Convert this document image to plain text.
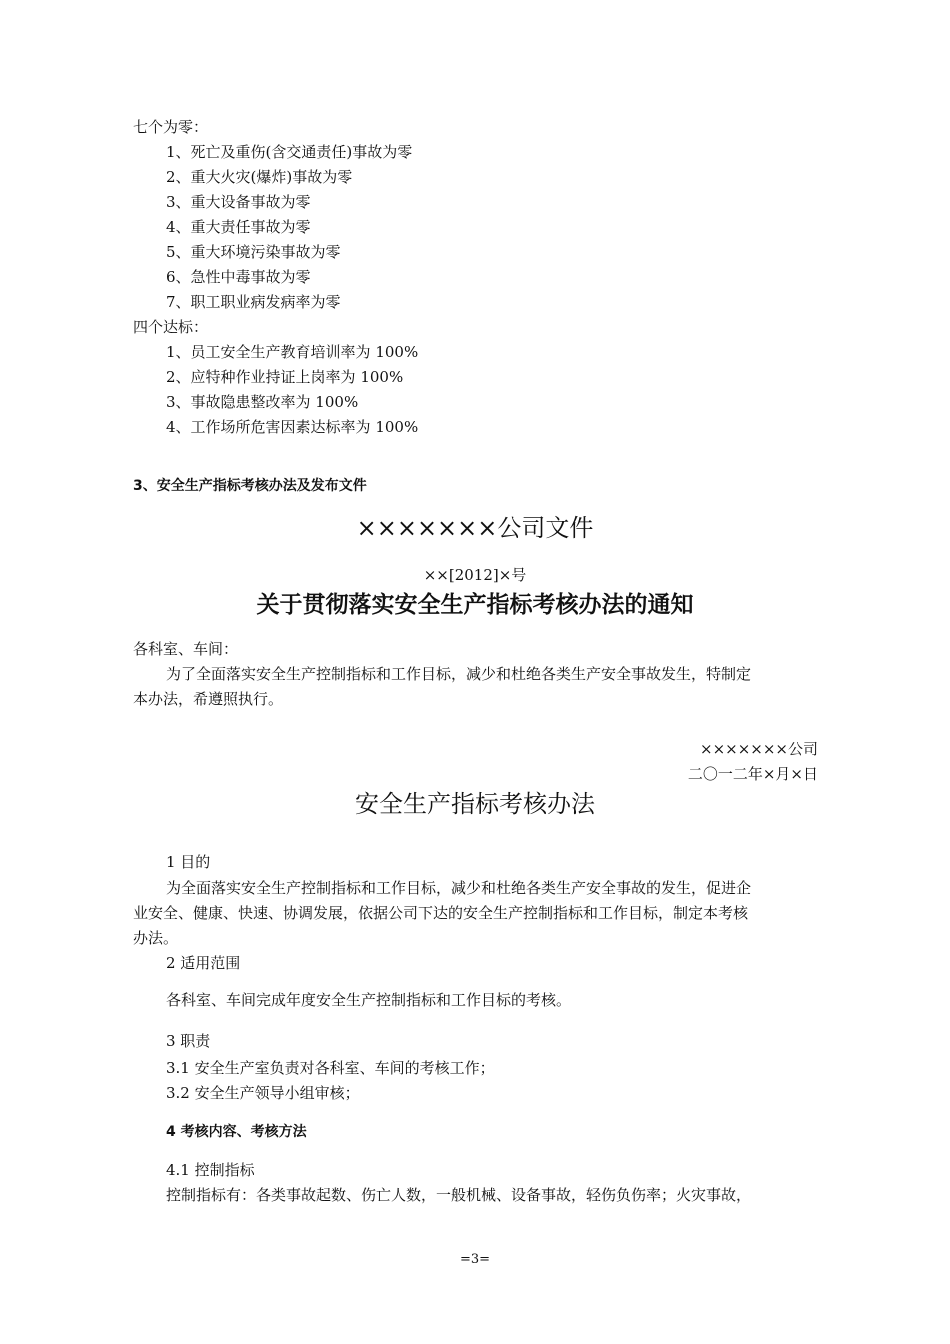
七个为零：
1、死亡及重伤(含交通责任)事故为零
2、重大火灾(爆炸)事故为零
3、重大设备事故为零
4、重大责任事故为零
5、重大环境污染事故为零
6、急性中毒事故为零
7、职工职业病发病率为零
四个达标：
1、员工安全生产教育培训率为 100%
2、应特种作业持证上岗率为 100%
3、事故隐患整改率为 100%
4、工作场所危害因素达标率为 100%
3、安全生产指标考核办法及发布文件
×××××××公司文件
××[2012]×号
关于贯彻落实安全生产指标考核办法的通知
各科室、车间：
为了全面落实安全生产控制指标和工作目标，减少和杜绝各类生产安全事故发生，特制定
本办法，希遵照执行。
×××××××公司
二〇一二年×月×日
安全生产指标考核办法
1 目的
为全面落实安全生产控制指标和工作目标，减少和杜绝各类生产安全事故的发生，促进企
业安全、健康、快速、协调发展，依据公司下达的安全生产控制指标和工作目标，制定本考核
办法。
2 适用范围
各科室、车间完成年度安全生产控制指标和工作目标的考核。
3 职责
3.1 安全生产室负责对各科室、车间的考核工作；
3.2 安全生产领导小组审核；
4 考核内容、考核方法
4.1 控制指标
控制指标有：各类事故起数、伤亡人数，一般机械、设备事故，轻伤负伤率；火灾事故，
=3=
